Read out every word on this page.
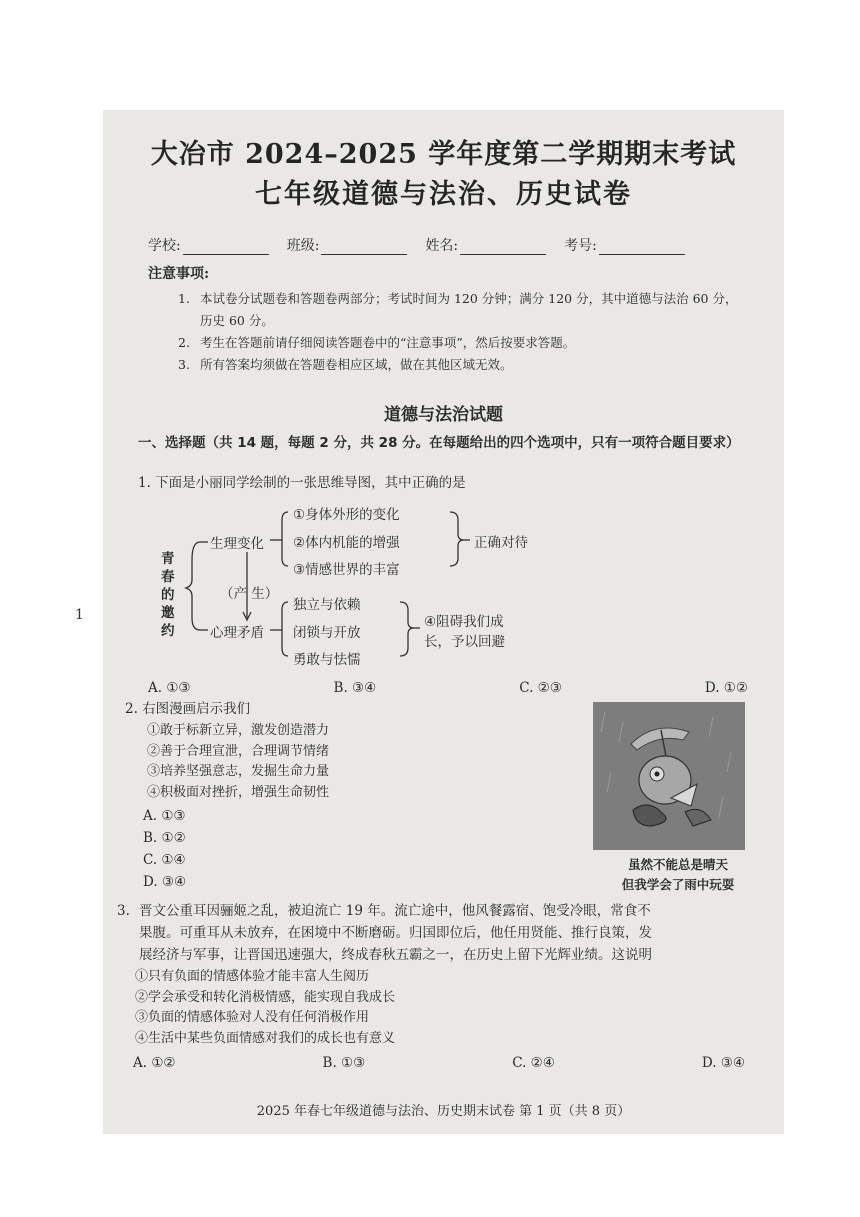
1
大冶市 2024–2025 学年度第二学期期末考试
七年级道德与法治、历史试卷
学校:	班级:	姓名:	考号:
注意事项:
1. 本试卷分试题卷和答题卷两部分；考试时间为 120 分钟；满分 120 分，其中道德与法治 60 分，历史 60 分。
2. 考生在答题前请仔细阅读答题卷中的“注意事项”，然后按要求答题。
3. 所有答案均须做在答题卷相应区域，做在其他区域无效。
道德与法治试题
一、选择题（共 14 题，每题 2 分，共 28 分。在每题给出的四个选项中，只有一项符合题目要求）
1. 下面是小丽同学绘制的一张思维导图，其中正确的是
青春的邀约
生理变化
（产 生）
心理矛盾
①身体外形的变化
②体内机能的增强
③情感世界的丰富
正确对待
独立与依赖
闭锁与开放
勇敢与怯懦
④阻碍我们成
长，予以回避
A. ①③	B. ③④	C. ②③	D. ①②
2. 右图漫画启示我们
①敢于标新立异，激发创造潜力
②善于合理宣泄，合理调节情绪
③培养坚强意志，发掘生命力量
④积极面对挫折，增强生命韧性
A. ①③
B. ①②
C. ①④
D. ③④
虽然不能总是晴天
但我学会了雨中玩耍
3. 晋文公重耳因骊姬之乱，被迫流亡 19 年。流亡途中，他风餐露宿、饱受冷眼，常食不
果腹。可重耳从未放弃，在困境中不断磨砺。归国即位后，他任用贤能、推行良策，发
展经济与军事，让晋国迅速强大，终成春秋五霸之一，在历史上留下光辉业绩。这说明
①只有负面的情感体验才能丰富人生阅历
②学会承受和转化消极情感，能实现自我成长
③负面的情感体验对人没有任何消极作用
④生活中某些负面情感对我们的成长也有意义
A. ①②	B. ①③	C. ②④	D. ③④
2025 年春七年级道德与法治、历史期末试卷 第 1 页（共 8 页）
